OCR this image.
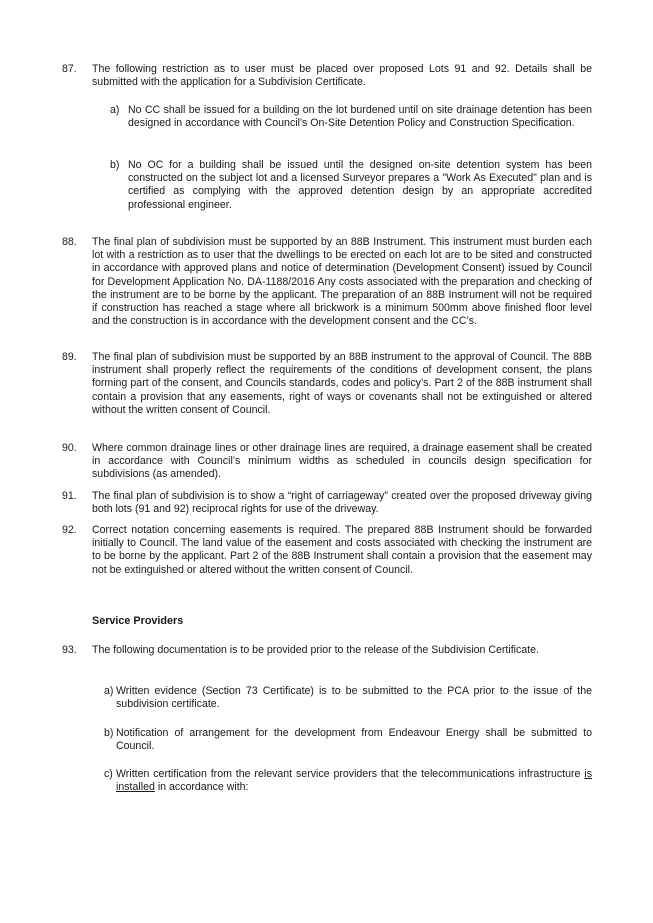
87.	The following restriction as to user must be placed over proposed Lots 91 and 92. Details shall be submitted with the application for a Subdivision Certificate.
a) No CC shall be issued for a building on the lot burdened until on site drainage detention has been designed in accordance with Council's On-Site Detention Policy and Construction Specification.
b) No OC for a building shall be issued until the designed on-site detention system has been constructed on the subject lot and a licensed Surveyor prepares a "Work As Executed" plan and is certified as complying with the approved detention design by an appropriate accredited professional engineer.
88.	The final plan of subdivision must be supported by an 88B Instrument. This instrument must burden each lot with a restriction as to user that the dwellings to be erected on each lot are to be sited and constructed in accordance with approved plans and notice of determination (Development Consent) issued by Council for Development Application No. DA-1188/2016 Any costs associated with the preparation and checking of the instrument are to be borne by the applicant. The preparation of an 88B Instrument will not be required if construction has reached a stage where all brickwork is a minimum 500mm above finished floor level and the construction is in accordance with the development consent and the CC’s.
89.	The final plan of subdivision must be supported by an 88B instrument to the approval of Council. The 88B instrument shall properly reflect the requirements of the conditions of development consent, the plans forming part of the consent, and Councils standards, codes and policy’s. Part 2 of the 88B instrument shall contain a provision that any easements, right of ways or covenants shall not be extinguished or altered without the written consent of Council.
90.	Where common drainage lines or other drainage lines are required, a drainage easement shall be created in accordance with Council’s minimum widths as scheduled in councils design specification for subdivisions (as amended).
91.	The final plan of subdivision is to show a “right of carriageway” created over the proposed driveway giving both lots (91 and 92) reciprocal rights for use of the driveway.
92.	Correct notation concerning easements is required. The prepared 88B Instrument should be forwarded initially to Council. The land value of the easement and costs associated with checking the instrument are to be borne by the applicant. Part 2 of the 88B Instrument shall contain a provision that the easement may not be extinguished or altered without the written consent of Council.
Service Providers
93.	The following documentation is to be provided prior to the release of the Subdivision Certificate.
a) Written evidence (Section 73 Certificate) is to be submitted to the PCA prior to the issue of the subdivision certificate.
b) Notification of arrangement for the development from Endeavour Energy shall be submitted to Council.
c) Written certification from the relevant service providers that the telecommunications infrastructure is installed in accordance with:
